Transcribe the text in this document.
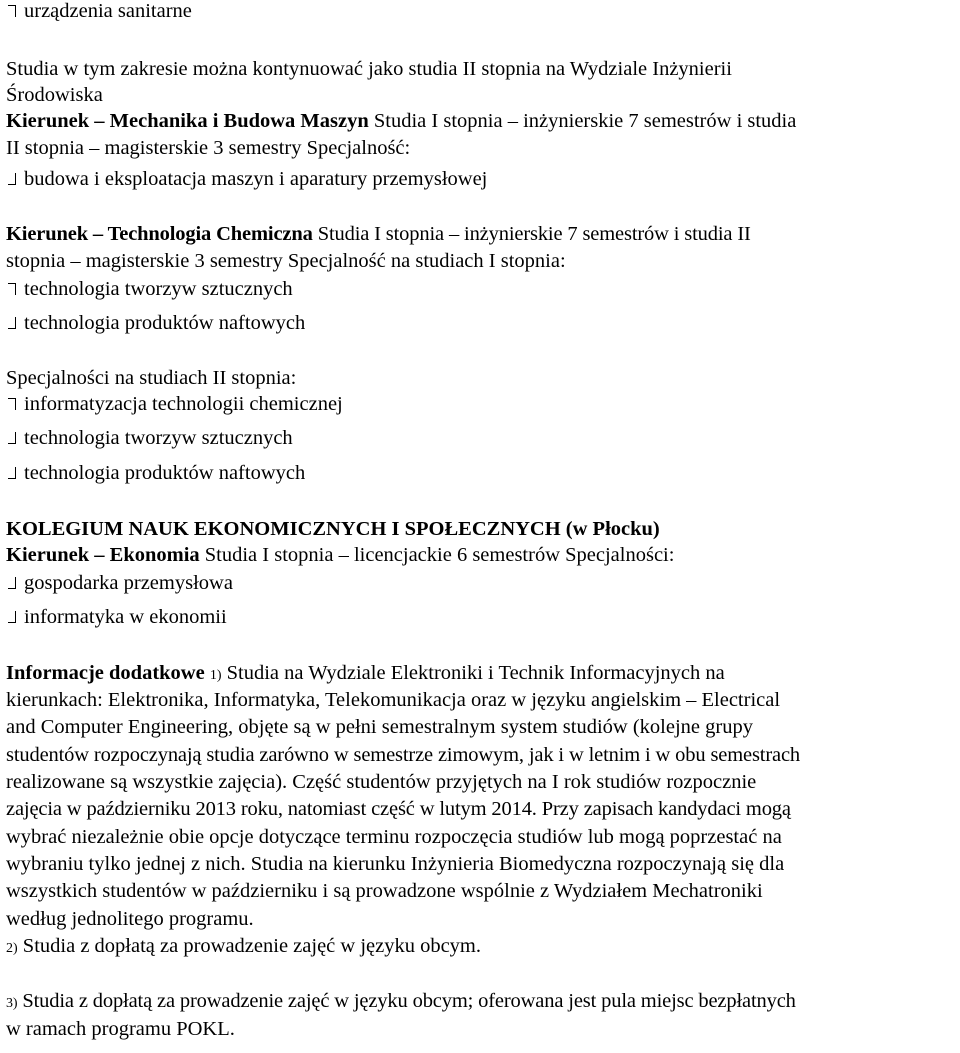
urządzenia sanitarne
Studia w tym zakresie można kontynuować jako studia II stopnia na Wydziale Inżynierii
Środowiska
Kierunek – Mechanika i Budowa Maszyn Studia I stopnia – inżynierskie 7 semestrów i studia
II stopnia – magisterskie 3 semestry Specjalność:
budowa i eksploatacja maszyn i aparatury przemysłowej
Kierunek – Technologia Chemiczna Studia I stopnia – inżynierskie 7 semestrów i studia II
stopnia – magisterskie 3 semestry Specjalność na studiach I stopnia:
technologia tworzyw sztucznych
technologia produktów naftowych
Specjalności na studiach II stopnia:
informatyzacja technologii chemicznej
technologia tworzyw sztucznych
technologia produktów naftowych
KOLEGIUM NAUK EKONOMICZNYCH I SPOŁECZNYCH (w Płocku)
Kierunek – Ekonomia Studia I stopnia – licencjackie 6 semestrów Specjalności:
gospodarka przemysłowa
informatyka w ekonomii
Informacje dodatkowe 1) Studia na Wydziale Elektroniki i Technik Informacyjnych na
kierunkach: Elektronika, Informatyka, Telekomunikacja oraz w języku angielskim – Electrical
and Computer Engineering, objęte są w pełni semestralnym system studiów (kolejne grupy
studentów rozpoczynają studia zarówno w semestrze zimowym, jak i w letnim i w obu semestrach
realizowane są wszystkie zajęcia). Część studentów przyjętych na I rok studiów rozpocznie
zajęcia w październiku 2013 roku, natomiast część w lutym 2014. Przy zapisach kandydaci mogą
wybrać niezależnie obie opcje dotyczące terminu rozpoczęcia studiów lub mogą poprzestać na
wybraniu tylko jednej z nich. Studia na kierunku Inżynieria Biomedyczna rozpoczynają się dla
wszystkich studentów w październiku i są prowadzone wspólnie z Wydziałem Mechatroniki
według jednolitego programu.
2) Studia z dopłatą za prowadzenie zajęć w języku obcym.
3) Studia z dopłatą za prowadzenie zajęć w języku obcym; oferowana jest pula miejsc bezpłatnych
w ramach programu POKL.
